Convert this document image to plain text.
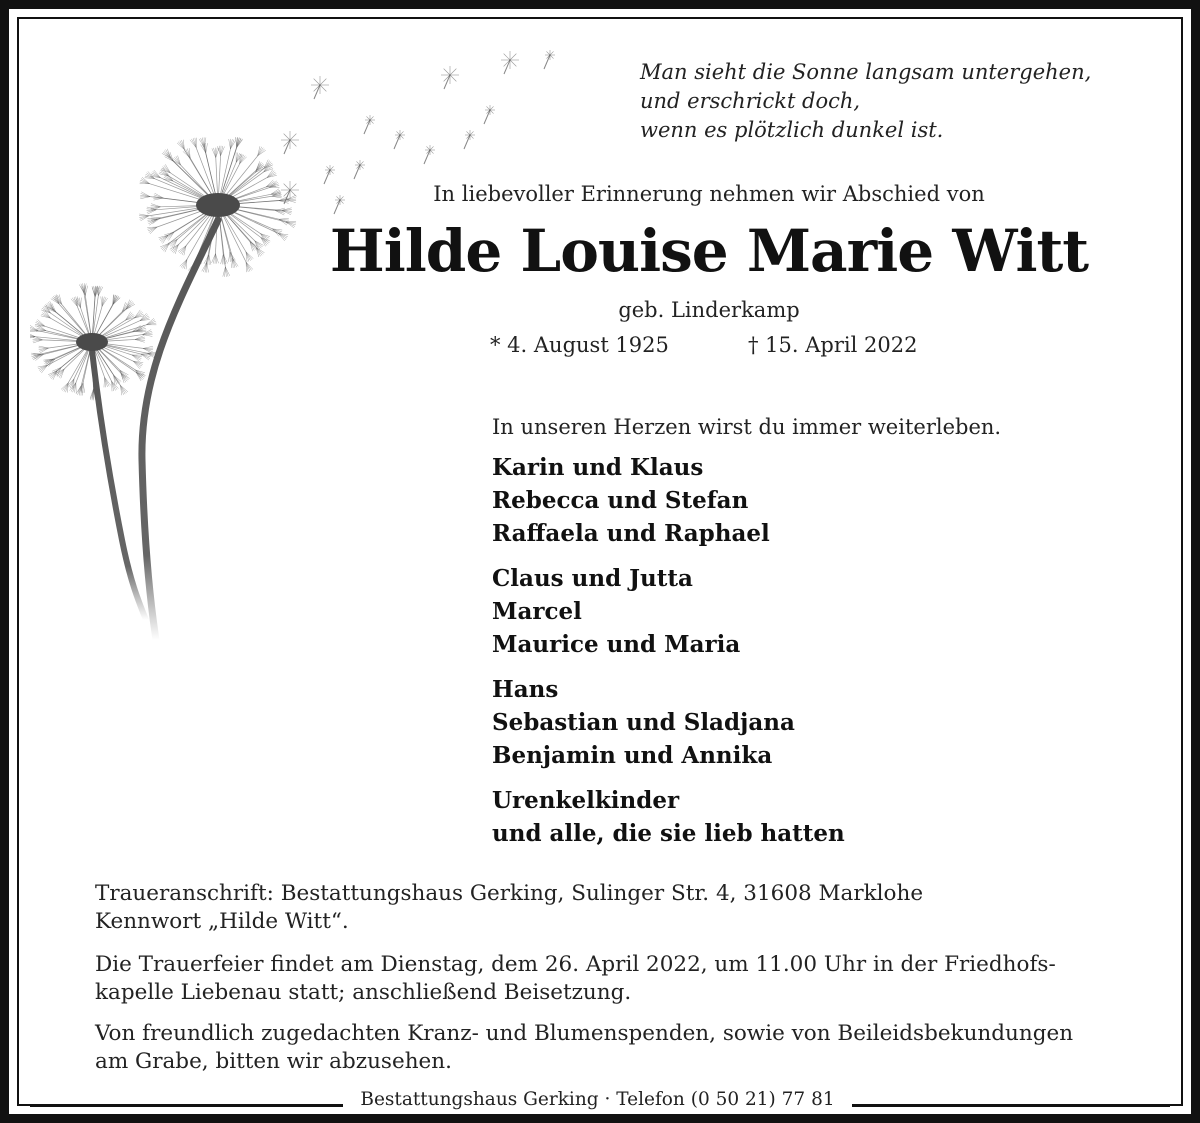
Man sieht die Sonne langsam untergehen,
und erschrickt doch,
wenn es plötzlich dunkel ist.
In liebevoller Erinnerung nehmen wir Abschied von
Hilde Louise Marie Witt
geb. Linderkamp
* 4. August 1925	† 15. April 2022
In unseren Herzen wirst du immer weiterleben.
Karin und Klaus
Rebecca und Stefan
Raffaela und Raphael
Claus und Jutta
Marcel
Maurice und Maria
Hans
Sebastian und Sladjana
Benjamin und Annika
Urenkelkinder
und alle, die sie lieb hatten
Traueranschrift: Bestattungshaus Gerking, Sulinger Str. 4, 31608 Marklohe
Kennwort „Hilde Witt“.
Die Trauerfeier findet am Dienstag, dem 26. April 2022, um 11.00 Uhr in der Friedhofs-
kapelle Liebenau statt; anschließend Beisetzung.
Von freundlich zugedachten Kranz- und Blumenspenden, sowie von Beileidsbekundungen
am Grabe, bitten wir abzusehen.
Bestattungshaus Gerking · Telefon (0 50 21) 77 81
